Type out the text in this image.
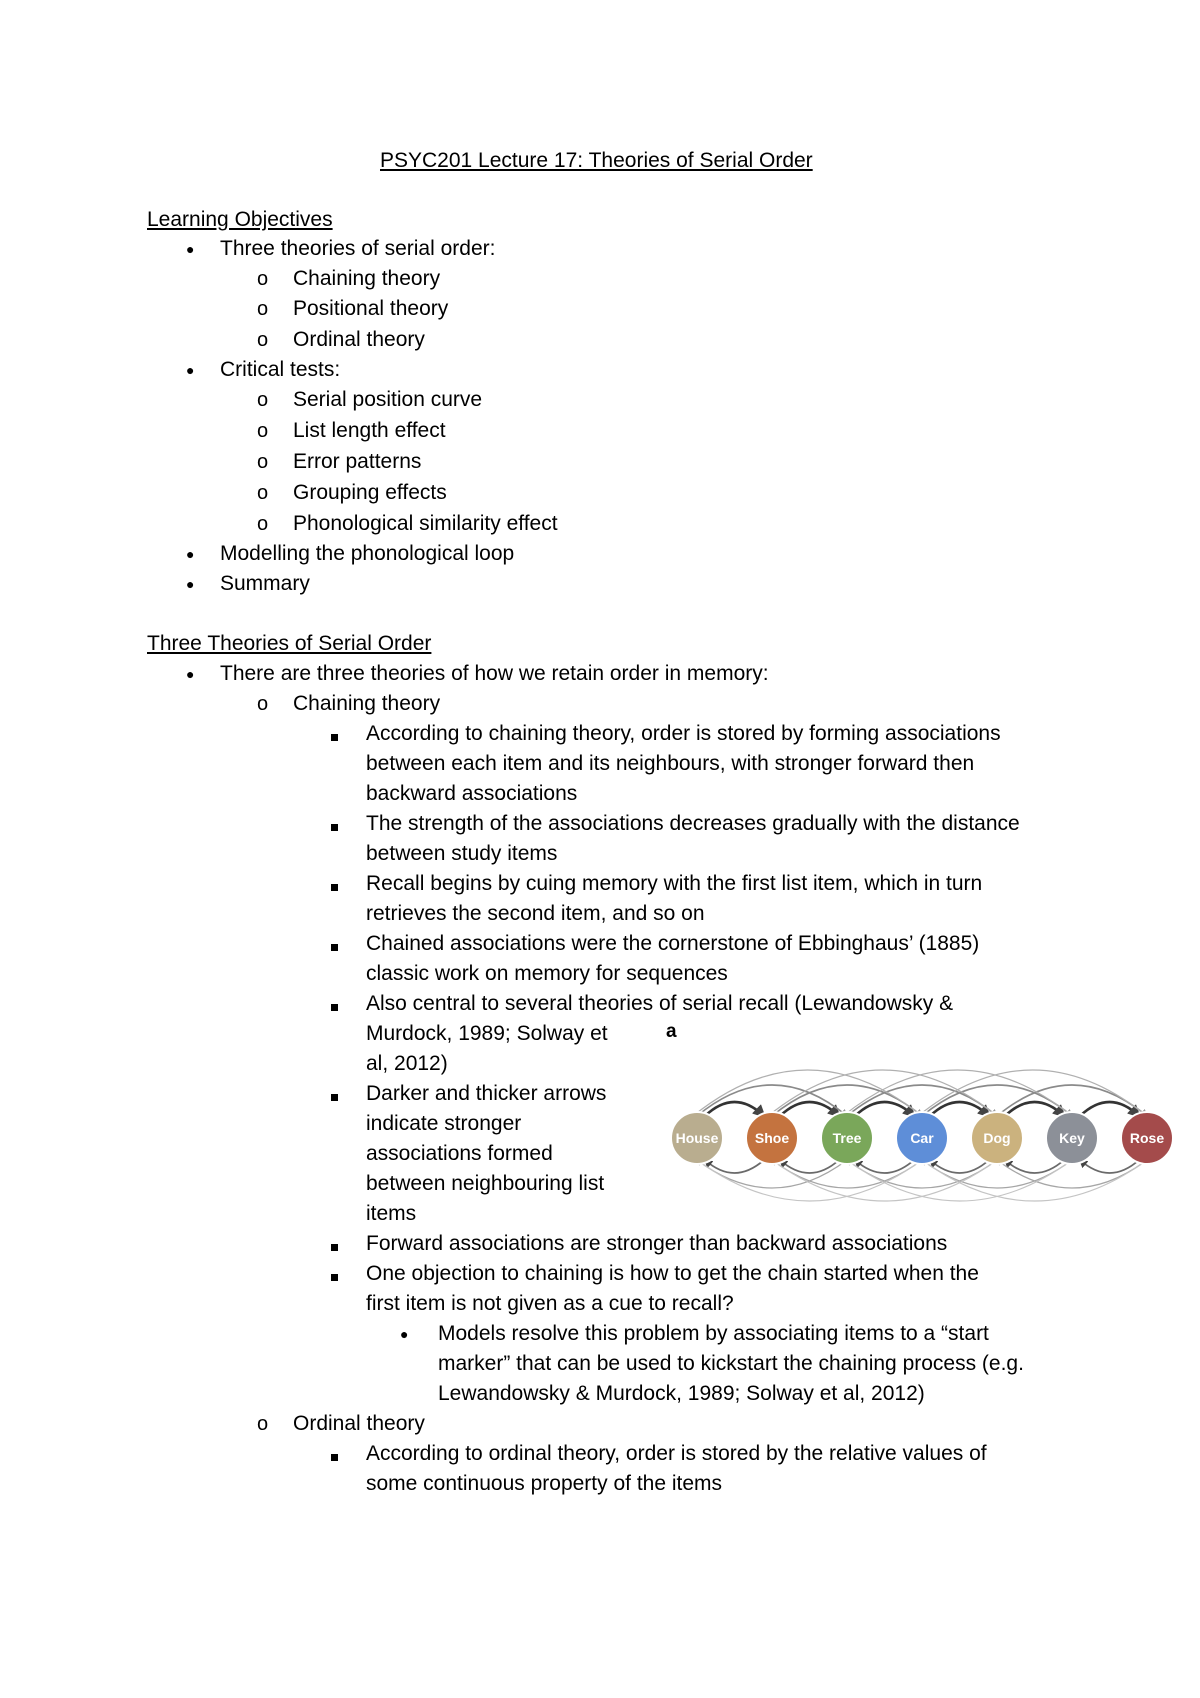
PSYC201 Lecture 17: Theories of Serial Order
Learning Objectives
● Three theories of serial order:
o Chaining theory
o Positional theory
o Ordinal theory
● Critical tests:
o Serial position curve
o List length effect
o Error patterns
o Grouping effects
o Phonological similarity effect
● Modelling the phonological loop
● Summary
Three Theories of Serial Order
● There are three theories of how we retain order in memory:
o Chaining theory
According to chaining theory, order is stored by forming associations
between each item and its neighbours, with stronger forward then
backward associations
The strength of the associations decreases gradually with the distance
between study items
Recall begins by cuing memory with the first list item, which in turn
retrieves the second item, and so on
Chained associations were the cornerstone of Ebbinghaus’ (1885)
classic work on memory for sequences
Also central to several theories of serial recall (Lewandowsky &
Murdock, 1989; Solway et
al, 2012)
Darker and thicker arrows
indicate stronger
associations formed
between neighbouring list
items
Forward associations are stronger than backward associations
One objection to chaining is how to get the chain started when the
first item is not given as a cue to recall?
● Models resolve this problem by associating items to a “start
marker” that can be used to kickstart the chaining process (e.g.
Lewandowsky & Murdock, 1989; Solway et al, 2012)
o Ordinal theory
According to ordinal theory, order is stored by the relative values of
some continuous property of the items
a
House	Shoe	Tree	Car	Dog	Key	Rose
